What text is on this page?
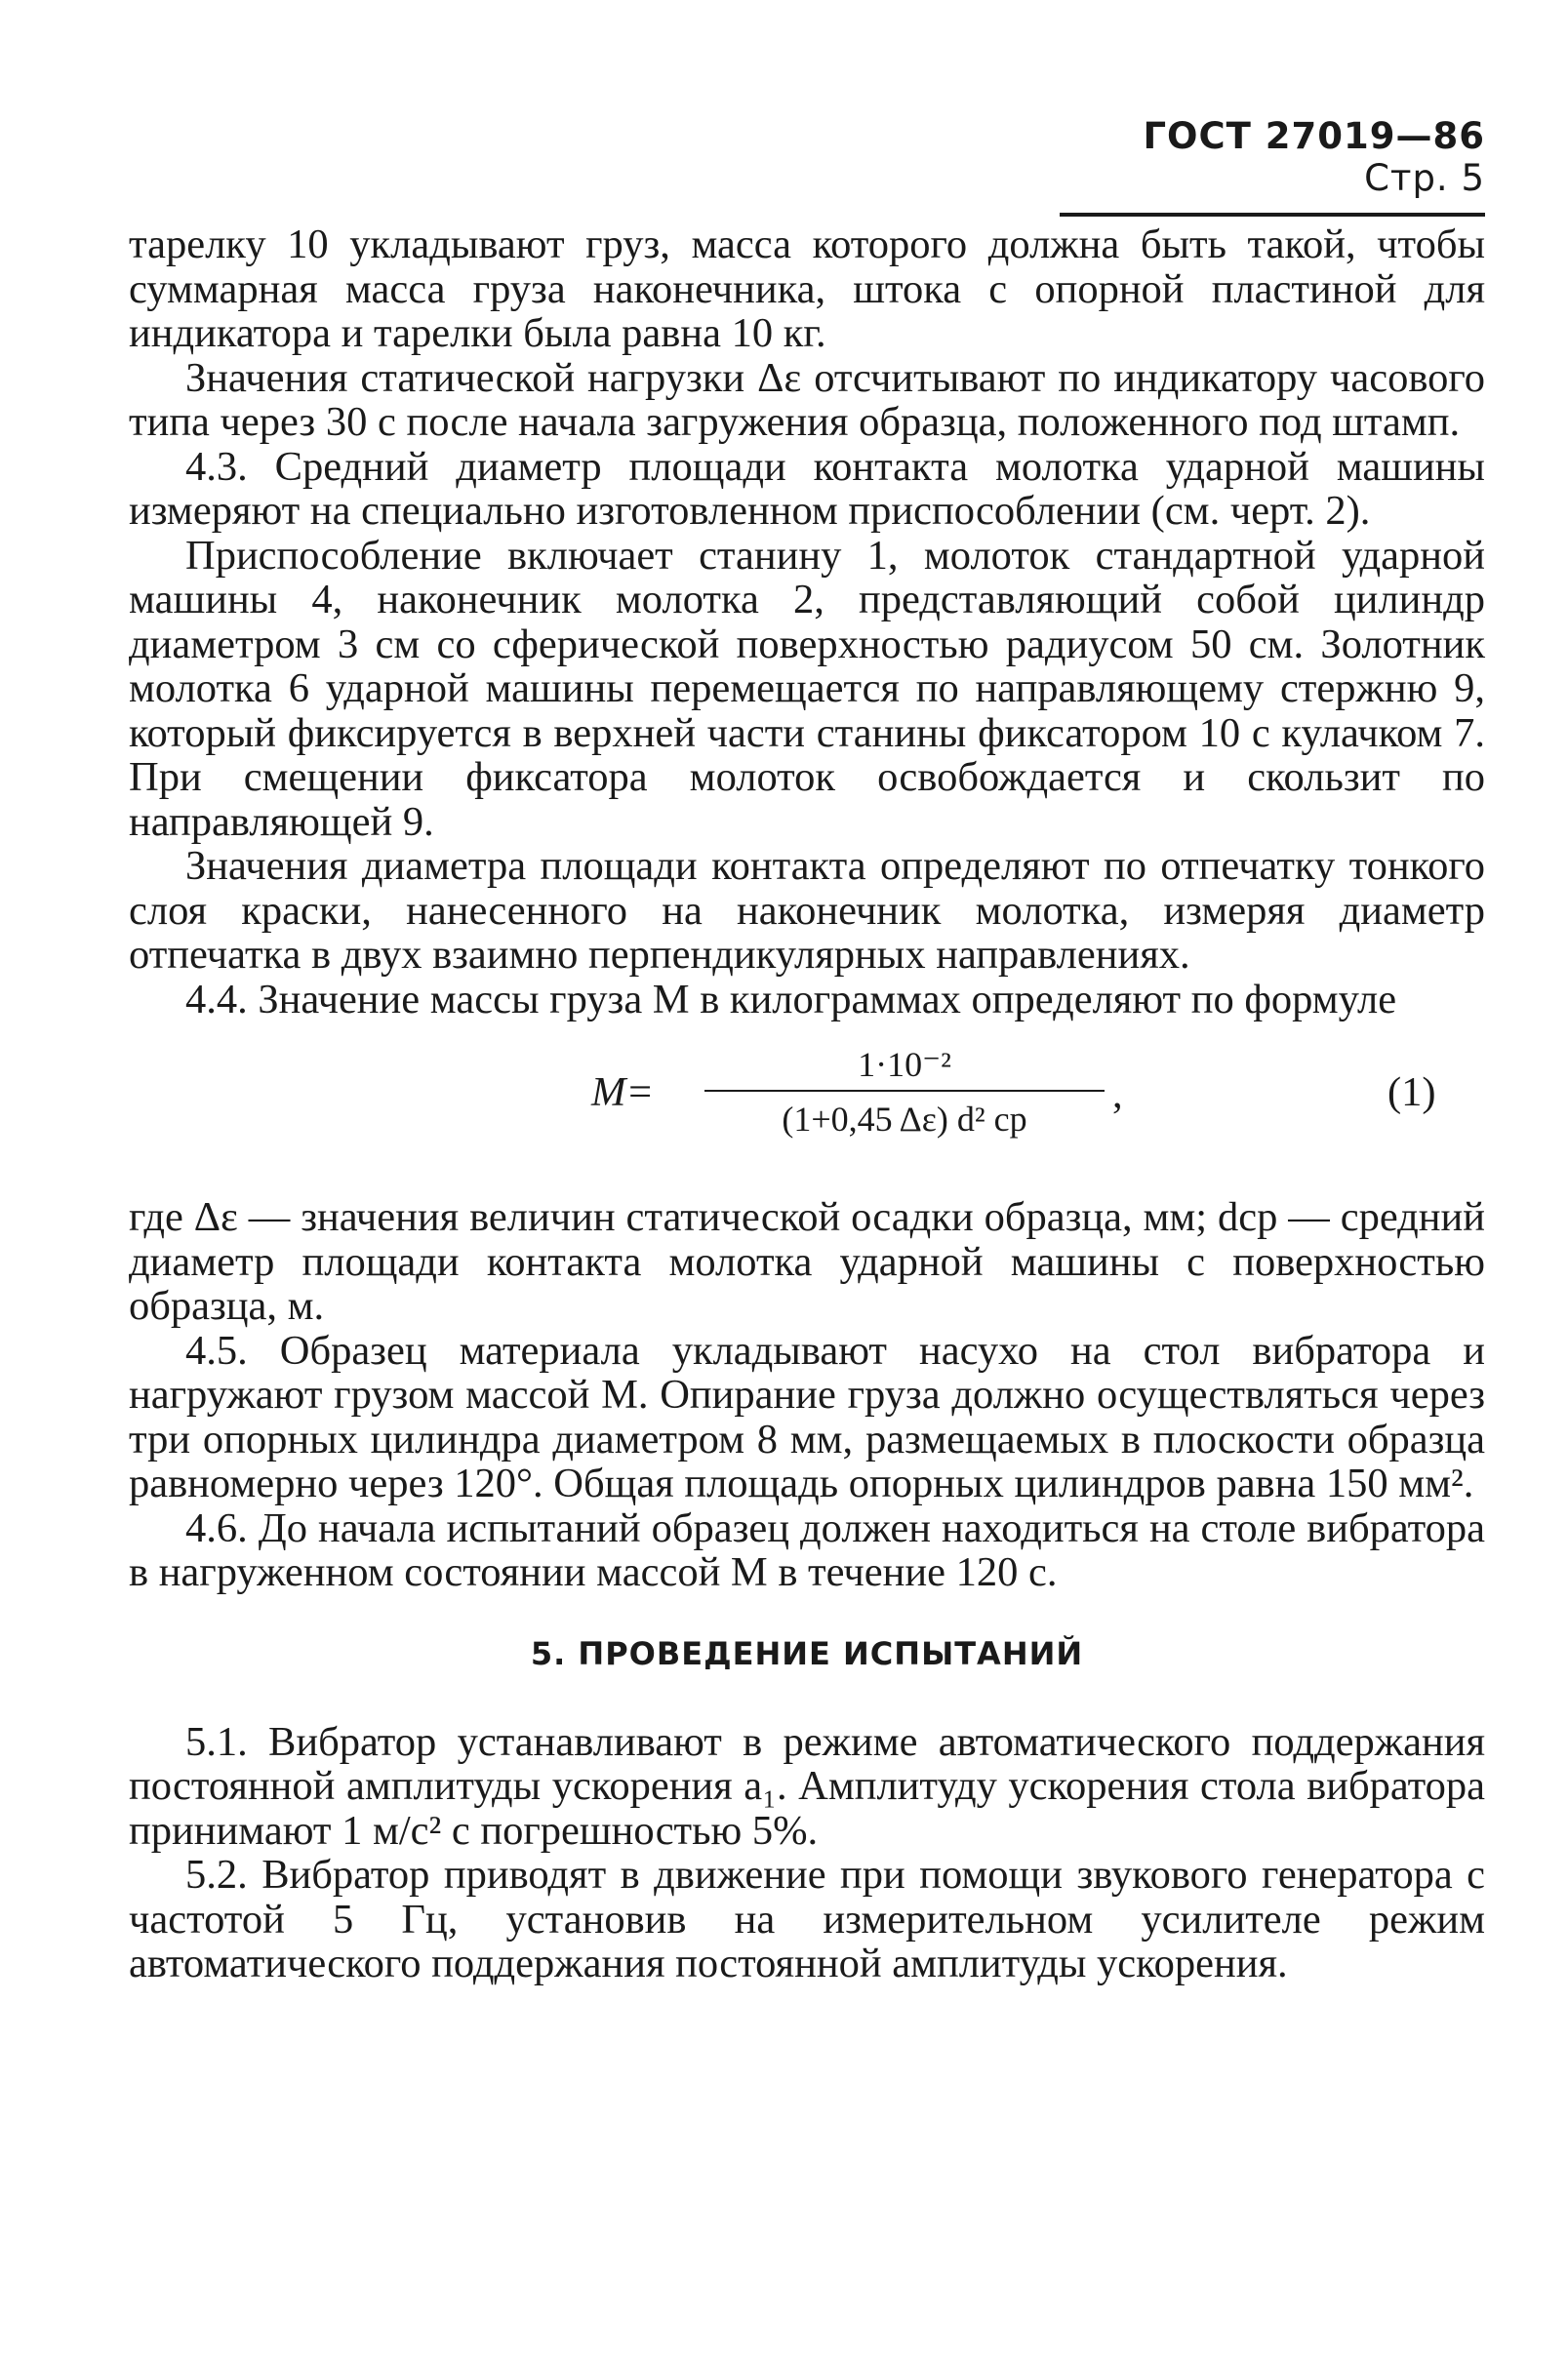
ГОСТ 27019—86 Стр. 5

тарелку 10 укладывают груз, масса которого должна быть такой, чтобы суммарная масса груза наконечника, штока с опорной пластиной для индикатора и тарелки была равна 10 кг.

Значения статической нагрузки Δε отсчитывают по индикатору часового типа через 30 с после начала загружения образца, положенного под штамп.

4.3. Средний диаметр площади контакта молотка ударной машины измеряют на специально изготовленном приспособлении (см. черт. 2).

Приспособление включает станину 1, молоток стандартной ударной машины 4, наконечник молотка 2, представляющий собой цилиндр диаметром 3 см со сферической поверхностью радиусом 50 см. Золотник молотка 6 ударной машины перемещается по направляющему стержню 9, который фиксируется в верхней части станины фиксатором 10 с кулачком 7. При смещении фиксатора молоток освобождается и скользит по направляющей 9.

Значения диаметра площади контакта определяют по отпечатку тонкого слоя краски, нанесенного на наконечник молотка, измеряя диаметр отпечатка в двух взаимно перпендикулярных направлениях.

4.4. Значение массы груза M в килограммах определяют по формуле

M=
1·10⁻²
(1+0,45 Δε) d² ср
,	(1)

где Δε — значения величин статической осадки образца, мм; dср — средний диаметр площади контакта молотка ударной машины с поверхностью образца, м.

4.5. Образец материала укладывают насухо на стол вибратора и нагружают грузом массой M. Опирание груза должно осуществляться через три опорных цилиндра диаметром 8 мм, размещаемых в плоскости образца равномерно через 120°. Общая площадь опорных цилиндров равна 150 мм².

4.6. До начала испытаний образец должен находиться на столе вибратора в нагруженном состоянии массой M в течение 120 с.

5. ПРОВЕДЕНИЕ ИСПЫТАНИЙ

5.1. Вибратор устанавливают в режиме автоматического поддержания постоянной амплитуды ускорения a₁. Амплитуду ускорения стола вибратора принимают 1 м/с² с погрешностью 5%.

5.2. Вибратор приводят в движение при помощи звукового генератора с частотой 5 Гц, установив на измерительном усилителе режим автоматического поддержания постоянной амплитуды ускорения.
